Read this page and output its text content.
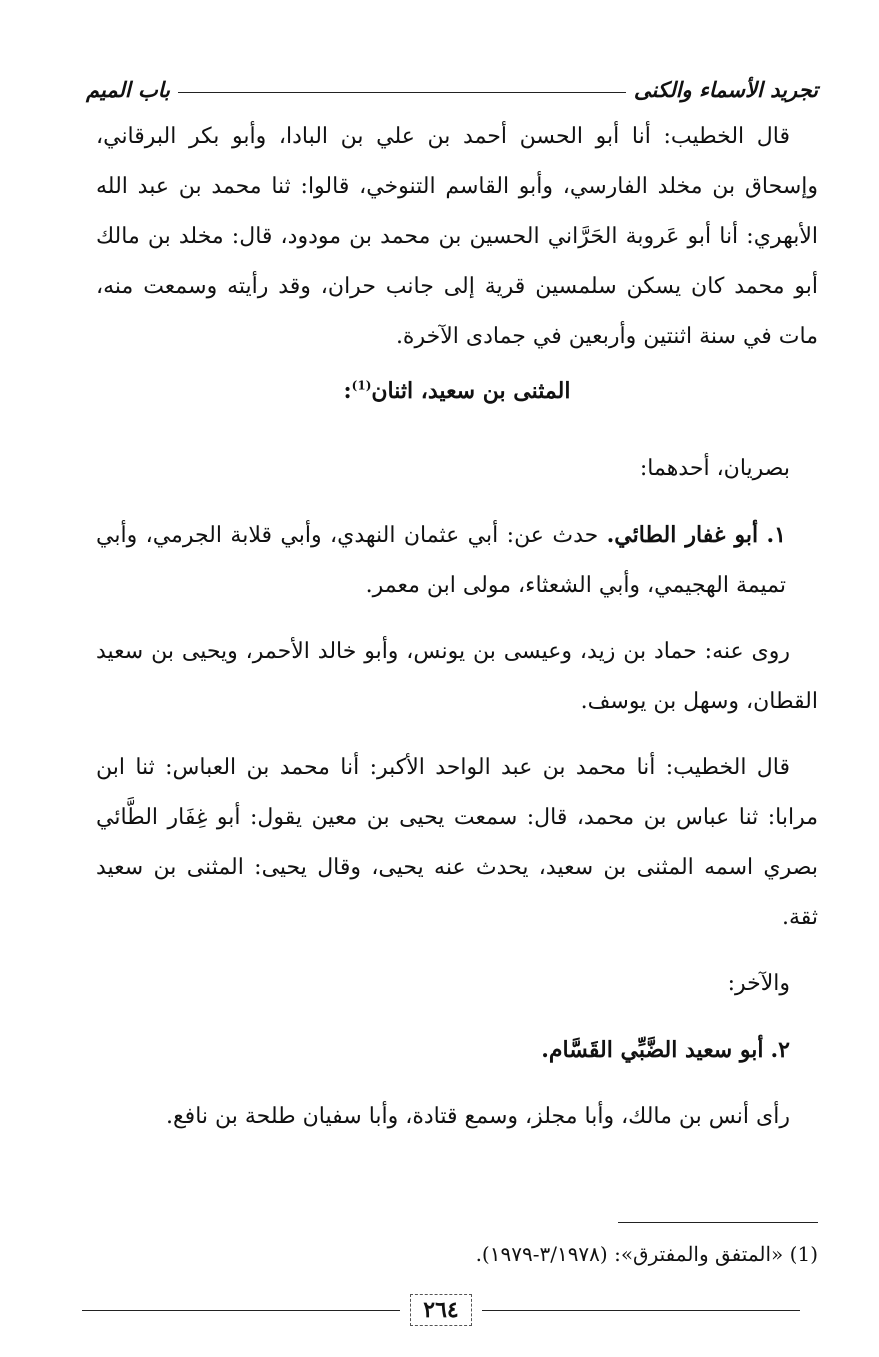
تجريد الأسماء والكنى
باب الميم

قال الخطيب: أنا أبو الحسن أحمد بن علي بن البادا، وأبو بكر البرقاني، وإسحاق بن مخلد الفارسي، وأبو القاسم التنوخي، قالوا: ثنا محمد بن عبد الله الأبهري: أنا أبو عَروبة الحَرَّاني الحسين بن محمد بن مودود، قال: مخلد بن مالك أبو محمد كان يسكن سلمسين قرية إلى جانب حران، وقد رأيته وسمعت منه، مات في سنة اثنتين وأربعين في جمادى الآخرة.

المثنى بن سعيد، اثنان$^{(1)}$:

بصريان، أحدهما:

١. أبو غفار الطائي. حدث عن: أبي عثمان النهدي، وأبي قلابة الجرمي، وأبي تميمة الهجيمي، وأبي الشعثاء، مولى ابن معمر.

روى عنه: حماد بن زيد، وعيسى بن يونس، وأبو خالد الأحمر، ويحيى بن سعيد القطان، وسهل بن يوسف.

قال الخطيب: أنا محمد بن عبد الواحد الأكبر: أنا محمد بن العباس: ثنا ابن مرابا: ثنا عباس بن محمد، قال: سمعت يحيى بن معين يقول: أبو غِفَار الطَّائي بصري اسمه المثنى بن سعيد، يحدث عنه يحيى، وقال يحيى: المثنى بن سعيد ثقة.

والآخر:

٢. أبو سعيد الضَّبِّي القَسَّام.

رأى أنس بن مالك، وأبا مجلز، وسمع قتادة، وأبا سفيان طلحة بن نافع.

(1) «المتفق والمفترق»: (٣/١٩٧٨-١٩٧٩).
٢٦٤
